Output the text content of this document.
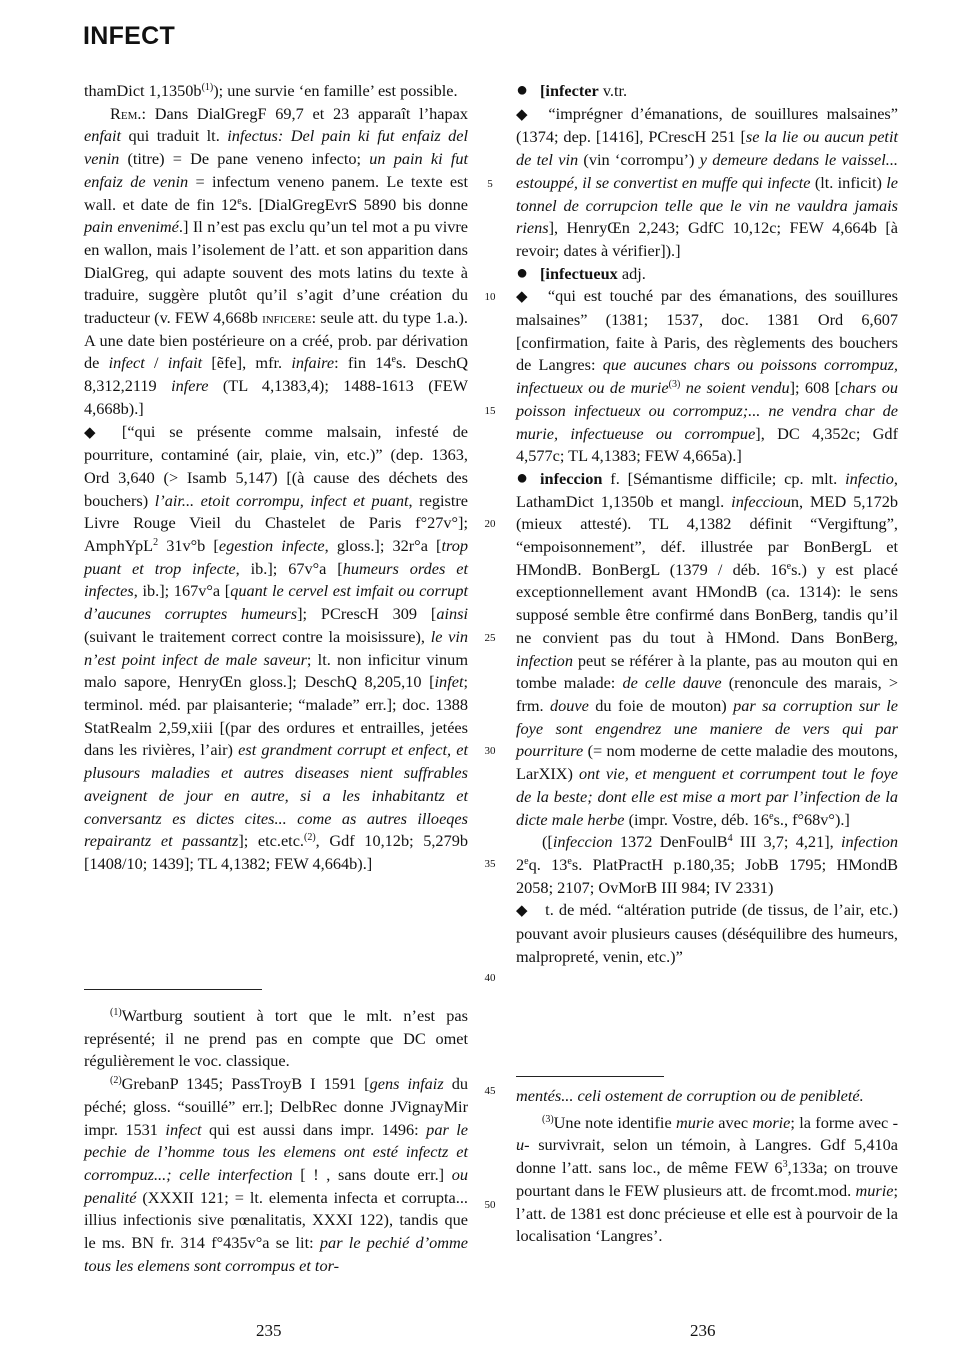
INFECT

thamDict $1,1350b^{(1)}$); une survie ‘en famille’ est possible.

Rem.: Dans DialGregF 69,7 et 23 apparaît l’hapax enfait qui traduit lt. infectus: Del pain ki fut enfaiz del venin (titre) = De pane veneno infecto; un pain ki fut enfaiz de venin = infectum veneno panem. Le texte est wall. et date de fin 12es. [DialGregEvrS 5890 bis donne pain envenimé.] Il n’est pas exclu qu’un tel mot a pu vivre en wallon, mais l’isolement de l’att. et son apparition dans DialGreg, qui adapte souvent des mots latins du texte à traduire, suggère plutôt qu’il s’agit d’une création du traducteur (v. FEW 4,668b inficere: seule att. du type 1.a.). A une date bien postérieure on a créé, prob. par dérivation de infect / infait [ẽfe], mfr. infaire: fin 14es. DeschQ 8,312,2119 infere (TL 4,1383,4); 1488-1613 (FEW 4,668b).]

◆ [“qui se présente comme malsain, infesté de pourriture, contaminé (air, plaie, vin, etc.)” (dep. 1363, Ord 3,640 (> Isamb 5,147) [(à cause des déchets des bouchers) l’air... etoit corrompu, infect et puant, registre Livre Rouge Vieil du Chastelet de Paris f°27v°]; AmphYpL$^2$ 31v°b [egestion infecte, gloss.]; 32r°a [trop puant et trop infecte, ib.]; 67v°a [humeurs ordes et infectes, ib.]; 167v°a [quant le cervel est imfait ou corrupt d’aucunes corruptes humeurs]; PCrescH 309 [ainsi (suivant le traitement correct contre la moisissure), le vin n’est point infect de male saveur; lt. non inficitur vinum malo sapore, HenryŒn gloss.]; DeschQ 8,205,10 [infet; terminol. méd. par plaisanterie; “malade” err.]; doc. 1388 StatRealm 2,59,xiii [(par des ordures et entrailles, jetées dans les rivières, l’air) est grandment corrupt et enfect, et plusours maladies et autres diseases nient suffrables aveignent de jour en autre, si a les inhabitantz et conversantz es dictes cites... come as autres illoeqes repairantz et passantz]; etc.etc.$^{(2)}$, Gdf 10,12b; 5,279b [1408/10; 1439]; TL 4,1382; FEW 4,664b).]

$^{(1)}$Wartburg soutient à tort que le mlt. n’est pas représenté; il ne prend pas en compte que DC omet régulièrement le voc. classique.

$^{(2)}$GrebanP 1345; PassTroyB I 1591 [gens infaiz du péché; gloss. “souillé” err.]; DelbRec donne JVignayMir impr. 1531 infect qui est aussi dans impr. 1496: par le pechie de l’homme tous les elemens ont esté infectz et corrompuz...; celle interfection [ ! , sans doute err.] ou penalité (XXXII 121; = lt. elementa infecta et corrupta... illius infectionis sive pœnalitatis, XXXI 122), tandis que le ms. BN fr. 314 f°435v°a se lit: par le pechié d’omme tous les elemens sont corrompus et tor-

5
10
15
20
25
30
35
40
45
50

● [infecter v.tr.

◆ “imprégner d’émanations, de souillures malsaines” (1374; dep. [1416], PCrescH 251 [se la lie ou aucun petit de tel vin (vin ‘corrompu’) y demeure dedans le vaissel... estouppé, il se convertist en muffe qui infecte (lt. inficit) le tonnel de corrupcion telle que le vin ne vauldra jamais riens], HenryŒn 2,243; GdfC 10,12c; FEW 4,664b [à revoir; dates à vérifier]).]

● [infectueux adj.

◆ “qui est touché par des émanations, des souillures malsaines” (1381; 1537, doc. 1381 Ord 6,607 [confirmation, faite à Paris, des règlements des bouchers de Langres: que aucunes chars ou poissons corrompuz, infectueux ou de murie$^{(3)}$ ne soient vendu]; 608 [chars ou poisson infectueux ou corrompuz;... ne vendra char de murie, infectueuse ou corrompue], DC 4,352c; Gdf 4,577c; TL 4,1383; FEW 4,665a).]

● infeccion f. [Sémantisme difficile; cp. mlt. infectio, LathamDict 1,1350b et mangl. infeccioun, MED 5,172b (mieux attesté). TL 4,1382 définit “Vergiftung”, “empoisonnement”, déf. illustrée par BonBergL et HMondB. BonBergL (1379 / déb. 16es.) y est placé exceptionnellement avant HMondB (ca. 1314): le sens supposé semble être confirmé dans BonBerg, tandis qu’il ne convient pas du tout à HMond. Dans BonBerg, infection peut se référer à la plante, pas au mouton qui en tombe malade: de celle dauve (renoncule des marais, > frm. douve du foie de mouton) par sa corruption sur le foye sont engendrez une maniere de vers qui par pourriture (= nom moderne de cette maladie des moutons, LarXIX) ont vie, et menguent et corrumpent tout le foye de la beste; dont elle est mise a mort par l’infection de la dicte male herbe (impr. Vostre, déb. 16es., f°68v°).]

([infeccion 1372 DenFoulB$^4$ III 3,7; 4,21], infection 2eq. 13es. PlatPractH p.180,35; JobB 1795; HMondB 2058; 2107; OvMorB III 984; IV 2331)

◆ t. de méd. “altération putride (de tissus, de l’air, etc.) pouvant avoir plusieurs causes (déséquilibre des humeurs, malpropreté, venin, etc.)”

mentés... celi ostement de corruption ou de penibleté.

$^{(3)}$Une note identifie murie avec morie; la forme avec -u- survivrait, selon un témoin, à Langres. Gdf 5,410a donne l’att. sans loc., de même FEW $6^3,133a$; on trouve pourtant dans le FEW plusieurs att. de frcomt.mod. murie; l’att. de 1381 est donc précieuse et elle est à pourvoir de la localisation ‘Langres’.

235	236
